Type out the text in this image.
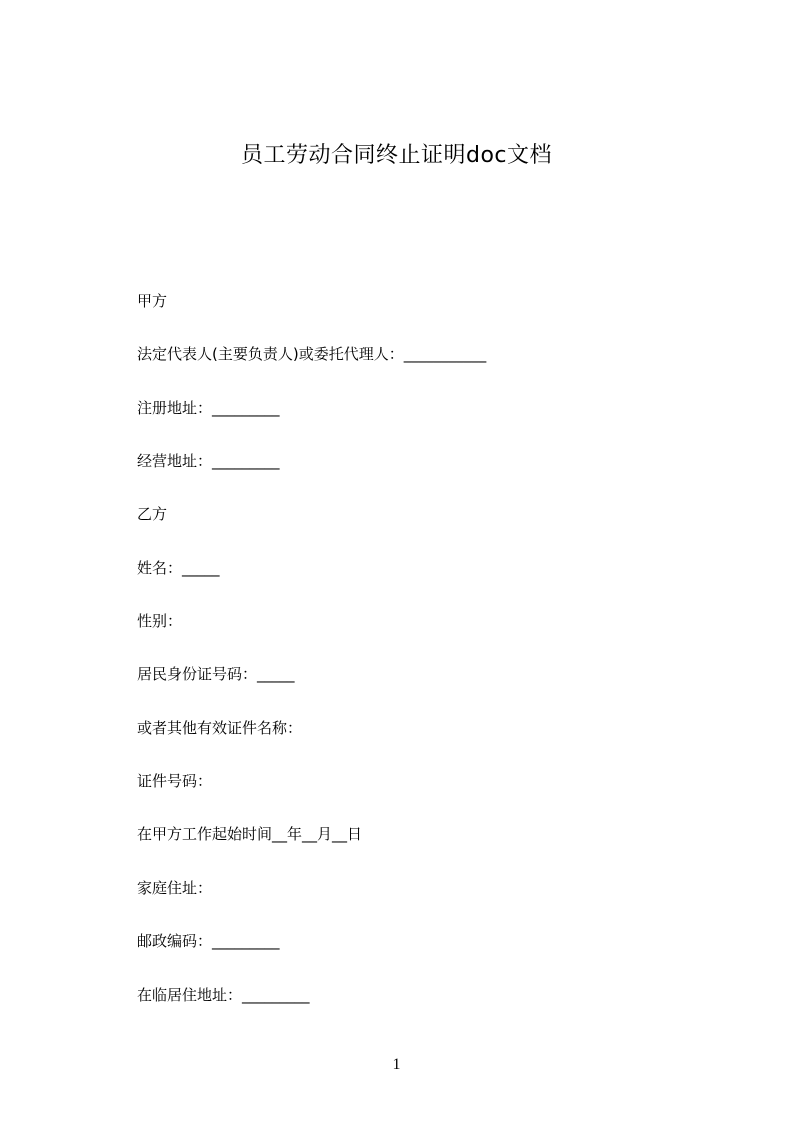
员工劳动合同终止证明doc文档
甲方
法定代表人(主要负责人)或委托代理人：___________
注册地址：_________
经营地址：_________
乙方
姓名：_____
性别：
居民身份证号码：_____
或者其他有效证件名称：
证件号码：
在甲方工作起始时间__年__月__日
家庭住址：
邮政编码：_________
在临居住地址：_________
1
